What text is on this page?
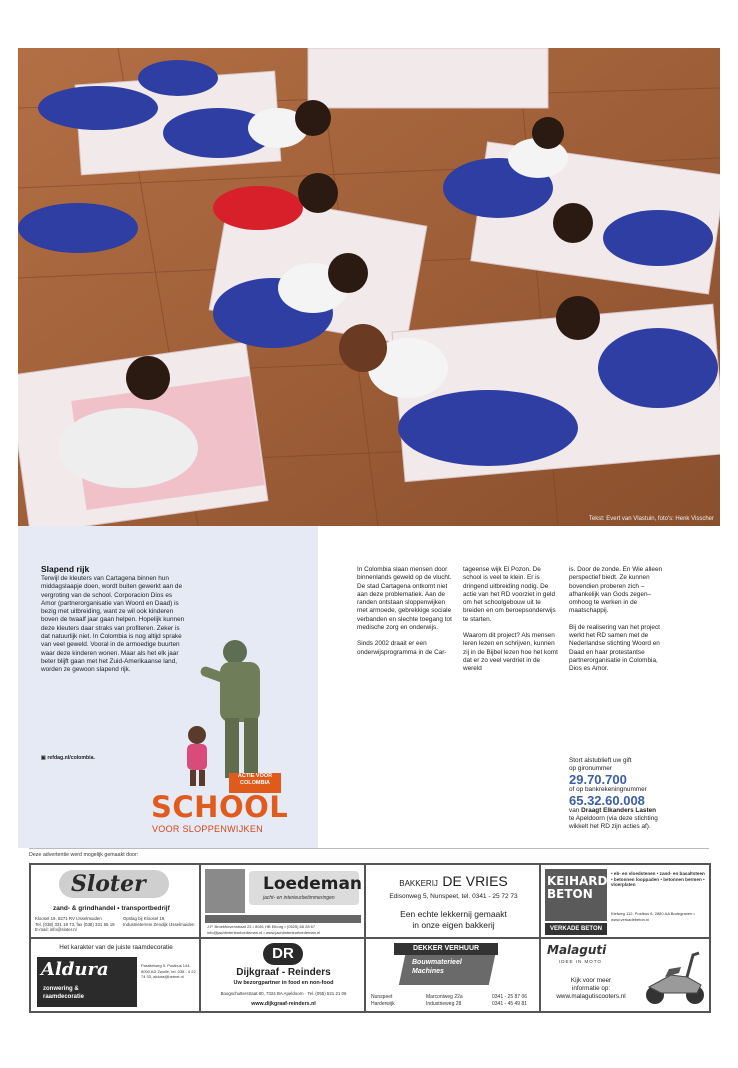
Tekst: Evert van Vlastuin, foto's: Henk Visscher
Slapend rijk
Terwijl de kleuters van Cartagena binnen hun middagslaapje doen, wordt buiten gewerkt aan de vergroting van de school. Corporacion Dios es Amor (partnerorganisatie van Woord en Daad) is bezig met uitbreiding, want ze wil ook kinderen boven de twaalf jaar gaan helpen. Hopelijk kunnen deze kleuters daar straks van profiteren. Zeker is dat natuurlijk niet. In Colombia is nog altijd sprake van veel geweld. Vooral in de armoedige buurten waar deze kinderen wonen. Maar als het elk jaar beter blijft gaan met het Zuid-Amerikaanse land, worden ze gewoon slapend rijk.
▣ refdag.nl/colombia.
ACTIE VOOR COLOMBIA
SCHOOL
VOOR SLOPPENWIJKEN

In Colombia slaan mensen door binnenlands geweld op de vlucht. De stad Cartagena ontkomt niet aan deze problematiek. Aan de randen ontstaan sloppenwijken met armoede, gebrekkige sociale verbanden en slechte toegang tot medische zorg en onderwijs.

Sinds 2002 draait er een onderwijsprogramma in de Car-

tageense wijk El Pozon. De school is veel te klein. Er is dringend uitbreiding nodig. De actie van het RD voorziet in geld om het schoolgebouw uit te breiden en om beroepsonderwijs te starten.

Waarom dit project? Als mensen leren lezen en schrijven, kunnen zij in de Bijbel lezen hoe het komt dat er zo veel verdriet in de wereld

is. Door de zonde. En Wie alleen perspectief biedt. Ze kunnen bovendien proberen zich –afhankelijk van Gods zegen– omhoog te werken in de maatschappij.

Bij de realisering van het project werkt het RD samen met de Nederlandse stichting Woord en Daad en haar protestantse partnerorganisatie in Colombia, Dios es Amor.

Stort alstublieft uw gift
op gironummer
29.70.700
of op bankrekeningnummer
65.32.60.008
van Draagt Elkanders Lasten
te Apeldoorn (via deze stichting
wikkelt het RD zijn acties af).
Deze advertentie werd mogelijk gemaakt door:
Sloter
zand- & grindhandel • transportbedrijf
Kloosel 19, 8271 RV IJsselmuiden
Tel. (038) 331 19 73, fax (038) 331 55 19
E-mail: info@sloter.nl
Opslag bij Kloosel 19,
Industrieterrein Zendijk IJsselmuiden
Loedeman
jacht- en interieurbetimmeringen
J.P. Broekhovenstraat 23 • 8081 HB Elburg • (0525) 68 28 67
info@jachtinterieurloedeman.nl • www.jachtinterieurloedeman.nl
BAKKERIJ DE VRIES
Edisonweg 5, Nunspeet, tel. 0341 - 25 72 73
Een echte lekkernij gemaakt
in onze eigen bakkerij
KEIHARD
BETON
VERKADE BETON
• eb- en vloedstenen • zand- en basaltsteen • betonnen looppaden • betonnen bermen • vloerplaten
Kleiweg 112, Postbus 8, 2880 AA Bodegraven • www.verkadebeton.nl
Het karakter van de juiste raamdecoratie
Aldura
zonwering &
raamdecoratie
Parallelweg 5, Postbus 144, 8000 AD Zwolle, tel. 038 - 4 22 74 33, aldura@hetnet.nl
DR
Dijkgraaf - Reinders
Uw bezorgpartner in food en non-food
Boogschutterstraat 80, 7324 BA Apeldoorn · Tel. (055) 521 21 06
www.dijkgraaf-reinders.nl
DEKKER VERHUUR
Bouwmaterieel
Machines
Nunspeet
Harderwijk
Marconiweg 22a
Industrieweg 28
0341 - 25 87 06
0341 - 45 49 81
Malaguti
IDEE IN MOTO
Kijk voor meer
informatie op:
www.malagutiscooters.nl
